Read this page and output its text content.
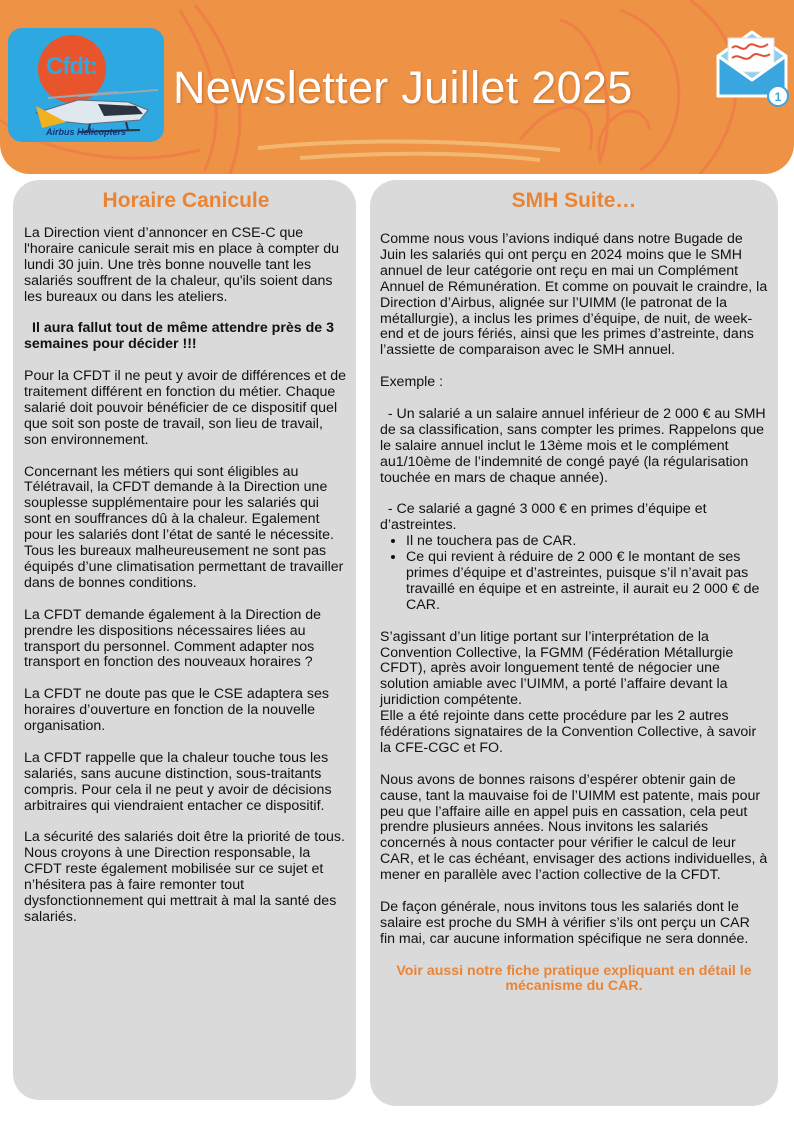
Cfdt:
Airbus Helicopters
Newsletter Juillet 2025	1
Horaire Canicule

La Direction vient d’annoncer en CSE-C que l'horaire canicule serait mis en place à compter du lundi 30 juin. Une très bonne nouvelle tant les salariés souffrent de la chaleur, qu'ils soient dans les bureaux ou dans les ateliers.

Il aura fallut tout de même attendre près de 3 semaines pour décider !!!

Pour la CFDT il ne peut y avoir de différences et de traitement différent en fonction du métier. Chaque salarié doit pouvoir bénéficier de ce dispositif quel que soit son poste de travail, son lieu de travail, son environnement.

Concernant les métiers qui sont éligibles au Télétravail, la CFDT demande à la Direction une souplesse supplémentaire pour les salariés qui sont en souffrances dû à la chaleur. Egalement pour les salariés dont l’état de santé le nécessite. Tous les bureaux malheureusement ne sont pas équipés d’une climatisation permettant de travailler dans de bonnes conditions.

La CFDT demande également à la Direction de prendre les dispositions nécessaires liées au transport du personnel. Comment adapter nos transport en fonction des nouveaux horaires ?

La CFDT ne doute pas que le CSE adaptera ses horaires d’ouverture en fonction de la nouvelle organisation.

La CFDT rappelle que la chaleur touche tous les salariés, sans aucune distinction, sous-traitants compris. Pour cela il ne peut y avoir de décisions arbitraires qui viendraient entacher ce dispositif.

La sécurité des salariés doit être la priorité de tous. Nous croyons à une Direction responsable, la CFDT reste également mobilisée sur ce sujet et n’hésitera pas à faire remonter tout dysfonctionnement qui mettrait à mal la santé des salariés.

SMH Suite…

Comme nous vous l’avions indiqué dans notre Bugade de Juin les salariés qui ont perçu en 2024 moins que le SMH annuel de leur catégorie ont reçu en mai un Complément Annuel de Rémunération. Et comme on pouvait le craindre, la Direction d’Airbus, alignée sur l’UIMM (le patronat de la métallurgie), a inclus les primes d’équipe, de nuit, de week-end et de jours fériés, ainsi que les primes d’astreinte, dans l’assiette de comparaison avec le SMH annuel.

Exemple :

- Un salarié a un salaire annuel inférieur de 2 000 € au SMH de sa classification, sans compter les primes. Rappelons que le salaire annuel inclut le 13ème mois et le complément au1/10ème de l’indemnité de congé payé (la régularisation touchée en mars de chaque année).

- Ce salarié a gagné 3 000 € en primes d’équipe et d’astreintes.

• Il ne touchera pas de CAR.
• Ce qui revient à réduire de 2 000 € le montant de ses primes d’équipe et d’astreintes, puisque s’il n’avait pas travaillé en équipe et en astreinte, il aurait eu 2 000 € de CAR.

S’agissant d’un litige portant sur l’interprétation de la Convention Collective, la FGMM (Fédération Métallurgie CFDT), après avoir longuement tenté de négocier une solution amiable avec l’UIMM, a porté l’affaire devant la juridiction compétente.

Elle a été rejointe dans cette procédure par les 2 autres fédérations signataires de la Convention Collective, à savoir la CFE-CGC et FO.

Nous avons de bonnes raisons d’espérer obtenir gain de cause, tant la mauvaise foi de l’UIMM est patente, mais pour peu que l’affaire aille en appel puis en cassation, cela peut prendre plusieurs années. Nous invitons les salariés concernés à nous contacter pour vérifier le calcul de leur CAR, et le cas échéant, envisager des actions individuelles, à mener en parallèle avec l’action collective de la CFDT.

De façon générale, nous invitons tous les salariés dont le salaire est proche du SMH à vérifier s’ils ont perçu un CAR fin mai, car aucune information spécifique ne sera donnée.

Voir aussi notre fiche pratique expliquant en détail le mécanisme du CAR.
